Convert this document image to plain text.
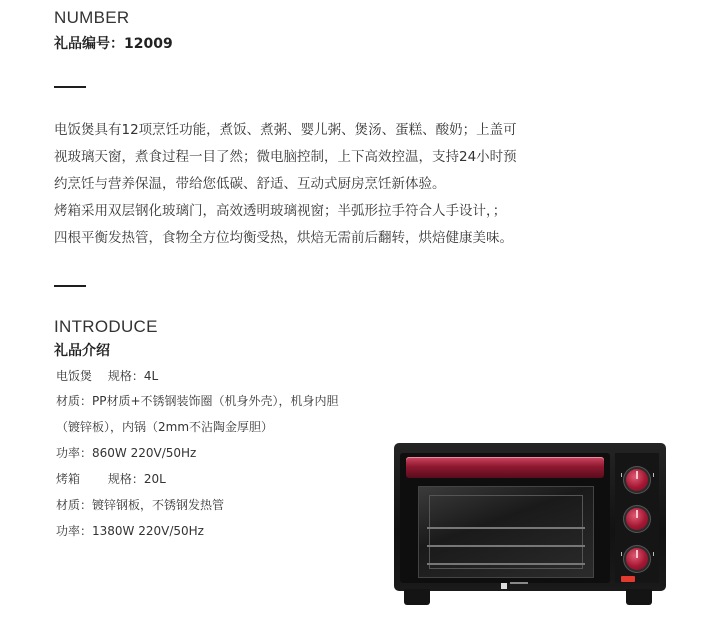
NUMBER
礼品编号：12009

电饭煲具有12项烹饪功能，煮饭、煮粥、婴儿粥、煲汤、蛋糕、酸奶；上盖可

视玻璃天窗，煮食过程一目了然；微电脑控制，上下高效控温，支持24小时预

约烹饪与营养保温，带给您低碳、舒适、互动式厨房烹饪新体验。

烤箱采用双层钢化玻璃门，高效透明玻璃视窗；半弧形拉手符合人手设计，；

四根平衡发热管，食物全方位均衡受热，烘焙无需前后翻转，烘焙健康美味。

INTRODUCE
礼品介绍
电饭煲　 规格：4L
材质：PP材质+不锈钢装饰圈（机身外壳），机身内胆
（镀锌板），内锅（2mm不沾陶金厚胆）
功率：860W 220V/50Hz
烤箱　　 规格：20L
材质：镀锌钢板，不锈钢发热管
功率：1380W 220V/50Hz
